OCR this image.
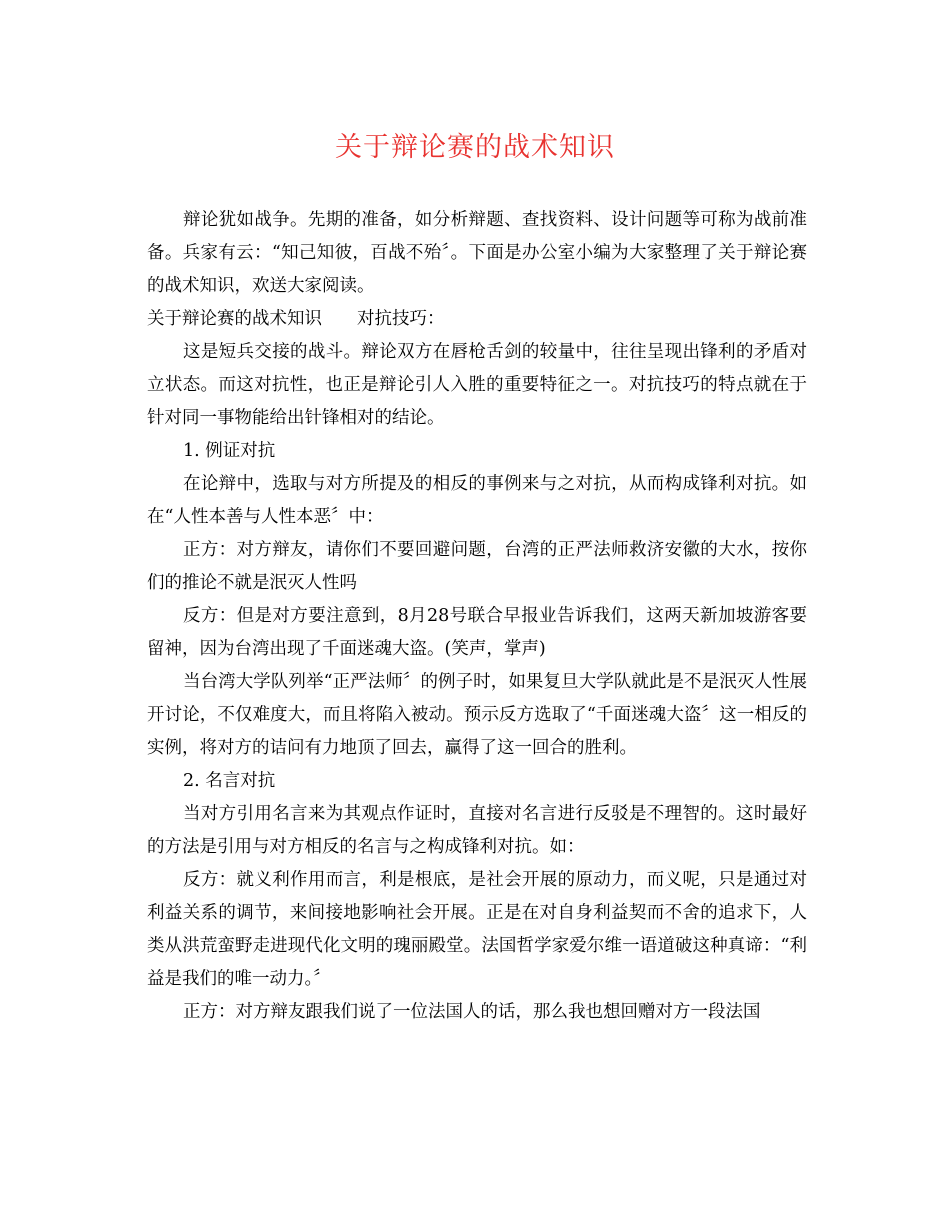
关于辩论赛的战术知识

辩论犹如战争。先期的准备，如分析辩题、查找资料、设计问题等可称为战前准备。兵家有云：“知己知彼，百战不殆〞。下面是办公室小编为大家整理了关于辩论赛的战术知识，欢送大家阅读。

关于辩论赛的战术知识　　对抗技巧：

这是短兵交接的战斗。辩论双方在唇枪舌剑的较量中，往往呈现出锋利的矛盾对立状态。而这对抗性，也正是辩论引人入胜的重要特征之一。对抗技巧的特点就在于针对同一事物能给出针锋相对的结论。

1. 例证对抗

在论辩中，选取与对方所提及的相反的事例来与之对抗，从而构成锋利对抗。如在“人性本善与人性本恶〞中：

正方：对方辩友，请你们不要回避问题，台湾的正严法师救济安徽的大水，按你们的推论不就是泯灭人性吗

反方：但是对方要注意到，8月28号联合早报业告诉我们，这两天新加坡游客要留神，因为台湾出现了千面迷魂大盗。(笑声，掌声)

当台湾大学队列举“正严法师〞的例子时，如果复旦大学队就此是不是泯灭人性展开讨论，不仅难度大，而且将陷入被动。预示反方选取了“千面迷魂大盗〞这一相反的实例，将对方的诘问有力地顶了回去，赢得了这一回合的胜利。

2. 名言对抗

当对方引用名言来为其观点作证时，直接对名言进行反驳是不理智的。这时最好的方法是引用与对方相反的名言与之构成锋利对抗。如：

反方：就义利作用而言，利是根底，是社会开展的原动力，而义呢，只是通过对利益关系的调节，来间接地影响社会开展。正是在对自身利益契而不舍的追求下，人类从洪荒蛮野走进现代化文明的瑰丽殿堂。法国哲学家爱尔维一语道破这种真谛：“利益是我们的唯一动力。〞

正方：对方辩友跟我们说了一位法国人的话，那么我也想回赠对方一段法国
